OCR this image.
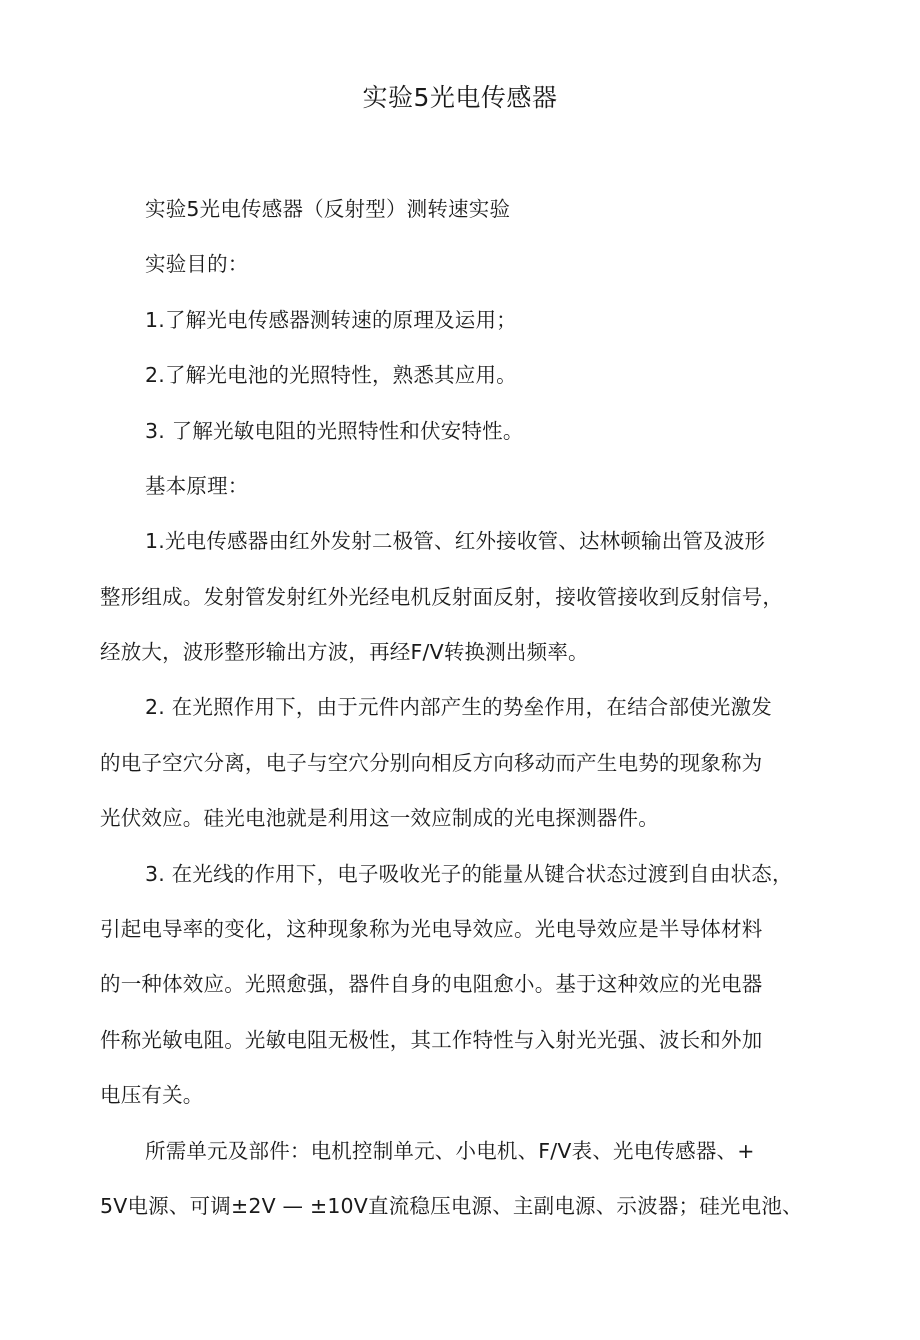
实验5光电传感器
实验5光电传感器（反射型）测转速实验
实验目的：
1.了解光电传感器测转速的原理及运用；
2.了解光电池的光照特性，熟悉其应用。
3. 了解光敏电阻的光照特性和伏安特性。
基本原理：
1.光电传感器由红外发射二极管、红外接收管、达林顿输出管及波形
整形组成。发射管发射红外光经电机反射面反射，接收管接收到反射信号，
经放大，波形整形输出方波，再经F/V转换测出频率。
2. 在光照作用下，由于元件内部产生的势垒作用，在结合部使光激发
的电子空穴分离，电子与空穴分别向相反方向移动而产生电势的现象称为
光伏效应。硅光电池就是利用这一效应制成的光电探测器件。
3. 在光线的作用下，电子吸收光子的能量从键合状态过渡到自由状态，
引起电导率的变化，这种现象称为光电导效应。光电导效应是半导体材料
的一种体效应。光照愈强，器件自身的电阻愈小。基于这种效应的光电器
件称光敏电阻。光敏电阻无极性，其工作特性与入射光光强、波长和外加
电压有关。
所需单元及部件：电机控制单元、小电机、F/V表、光电传感器、+
5V电源、可调±2V — ±10V直流稳压电源、主副电源、示波器；硅光电池、
